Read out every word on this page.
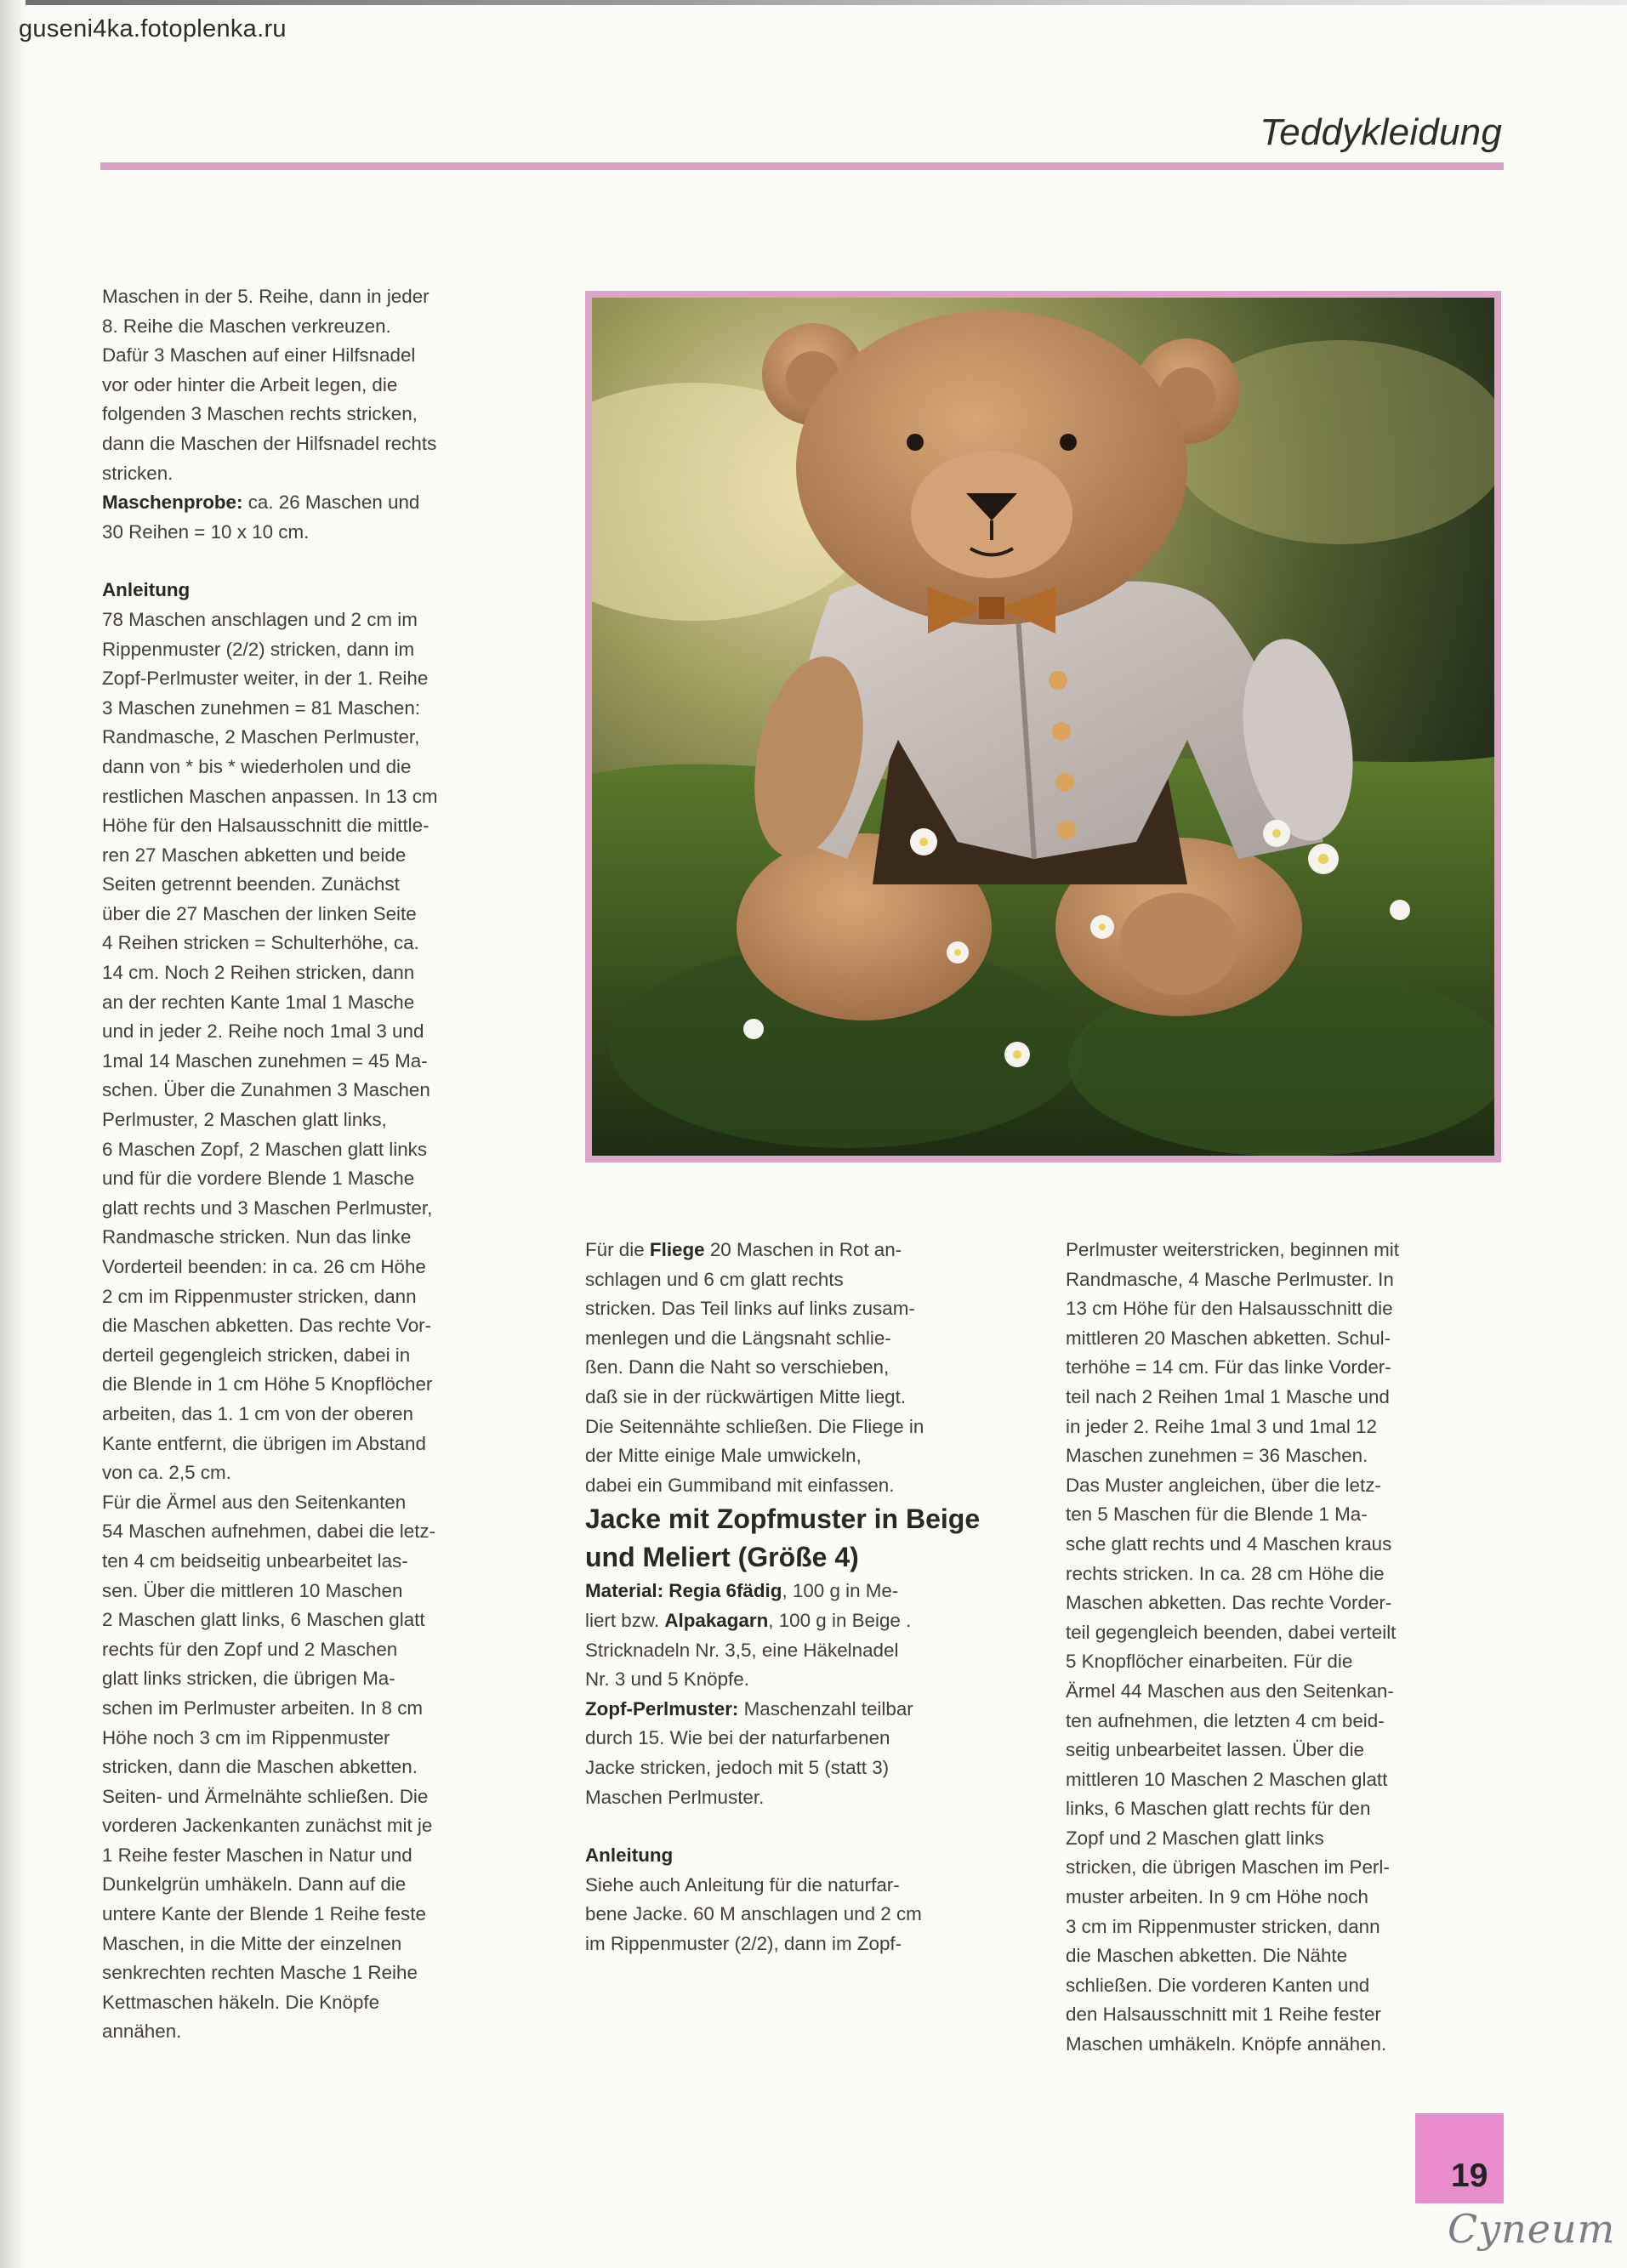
guseni4ka.fotoplenka.ru
Teddykleidung

Maschen in der 5. Reihe, dann in jeder
8. Reihe die Maschen verkreuzen.
Dafür 3 Maschen auf einer Hilfsnadel
vor oder hinter die Arbeit legen, die
folgenden 3 Maschen rechts stricken,
dann die Maschen der Hilfsnadel rechts
stricken.

Maschenprobe: ca. 26 Maschen und
30 Reihen = 10 x 10 cm.

Anleitung

78 Maschen anschlagen und 2 cm im
Rippenmuster (2/2) stricken, dann im
Zopf-Perlmuster weiter, in der 1. Reihe
3 Maschen zunehmen = 81 Maschen:
Randmasche, 2 Maschen Perlmuster,
dann von * bis * wiederholen und die
restlichen Maschen anpassen. In 13 cm
Höhe für den Halsausschnitt die mittle-
ren 27 Maschen abketten und beide
Seiten getrennt beenden. Zunächst
über die 27 Maschen der linken Seite
4 Reihen stricken = Schulterhöhe, ca.
14 cm. Noch 2 Reihen stricken, dann
an der rechten Kante 1mal 1 Masche
und in jeder 2. Reihe noch 1mal 3 und
1mal 14 Maschen zunehmen = 45 Ma-
schen. Über die Zunahmen 3 Maschen
Perlmuster, 2 Maschen glatt links,
6 Maschen Zopf, 2 Maschen glatt links
und für die vordere Blende 1 Masche
glatt rechts und 3 Maschen Perlmuster,
Randmasche stricken. Nun das linke
Vorderteil beenden: in ca. 26 cm Höhe
2 cm im Rippenmuster stricken, dann
die Maschen abketten. Das rechte Vor-
derteil gegengleich stricken, dabei in
die Blende in 1 cm Höhe 5 Knopflöcher
arbeiten, das 1. 1 cm von der oberen
Kante entfernt, die übrigen im Abstand
von ca. 2,5 cm.
Für die Ärmel aus den Seitenkanten
54 Maschen aufnehmen, dabei die letz-
ten 4 cm beidseitig unbearbeitet las-
sen. Über die mittleren 10 Maschen
2 Maschen glatt links, 6 Maschen glatt
rechts für den Zopf und 2 Maschen
glatt links stricken, die übrigen Ma-
schen im Perlmuster arbeiten. In 8 cm
Höhe noch 3 cm im Rippenmuster
stricken, dann die Maschen abketten.
Seiten- und Ärmelnähte schließen. Die
vorderen Jackenkanten zunächst mit je
1 Reihe fester Maschen in Natur und
Dunkelgrün umhäkeln. Dann auf die
untere Kante der Blende 1 Reihe feste
Maschen, in die Mitte der einzelnen
senkrechten rechten Masche 1 Reihe
Kettmaschen häkeln. Die Knöpfe
annähen.

Für die Fliege 20 Maschen in Rot an-
schlagen und 6 cm glatt rechts
stricken. Das Teil links auf links zusam-
menlegen und die Längsnaht schlie-
ßen. Dann die Naht so verschieben,
daß sie in der rückwärtigen Mitte liegt.
Die Seitennähte schließen. Die Fliege in
der Mitte einige Male umwickeln,
dabei ein Gummiband mit einfassen.

Jacke mit Zopfmuster in Beige
und Meliert (Größe 4)

Material: Regia 6fädig, 100 g in Me-
liert bzw. Alpakagarn, 100 g in Beige .
Stricknadeln Nr. 3,5, eine Häkelnadel
Nr. 3 und 5 Knöpfe.

Zopf-Perlmuster: Maschenzahl teilbar
durch 15. Wie bei der naturfarbenen
Jacke stricken, jedoch mit 5 (statt 3)
Maschen Perlmuster.

Anleitung

Siehe auch Anleitung für die naturfar-
bene Jacke. 60 M anschlagen und 2 cm
im Rippenmuster (2/2), dann im Zopf-

Perlmuster weiterstricken, beginnen mit
Randmasche, 4 Masche Perlmuster. In
13 cm Höhe für den Halsausschnitt die
mittleren 20 Maschen abketten. Schul-
terhöhe = 14 cm. Für das linke Vorder-
teil nach 2 Reihen 1mal 1 Masche und
in jeder 2. Reihe 1mal 3 und 1mal 12
Maschen zunehmen = 36 Maschen.
Das Muster angleichen, über die letz-
ten 5 Maschen für die Blende 1 Ma-
sche glatt rechts und 4 Maschen kraus
rechts stricken. In ca. 28 cm Höhe die
Maschen abketten. Das rechte Vorder-
teil gegengleich beenden, dabei verteilt
5 Knopflöcher einarbeiten. Für die
Ärmel 44 Maschen aus den Seitenkan-
ten aufnehmen, die letzten 4 cm beid-
seitig unbearbeitet lassen. Über die
mittleren 10 Maschen 2 Maschen glatt
links, 6 Maschen glatt rechts für den
Zopf und 2 Maschen glatt links
stricken, die übrigen Maschen im Perl-
muster arbeiten. In 9 cm Höhe noch
3 cm im Rippenmuster stricken, dann
die Maschen abketten. Die Nähte
schließen. Die vorderen Kanten und
den Halsausschnitt mit 1 Reihe fester
Maschen umhäkeln. Knöpfe annähen.

19
Cyneum
